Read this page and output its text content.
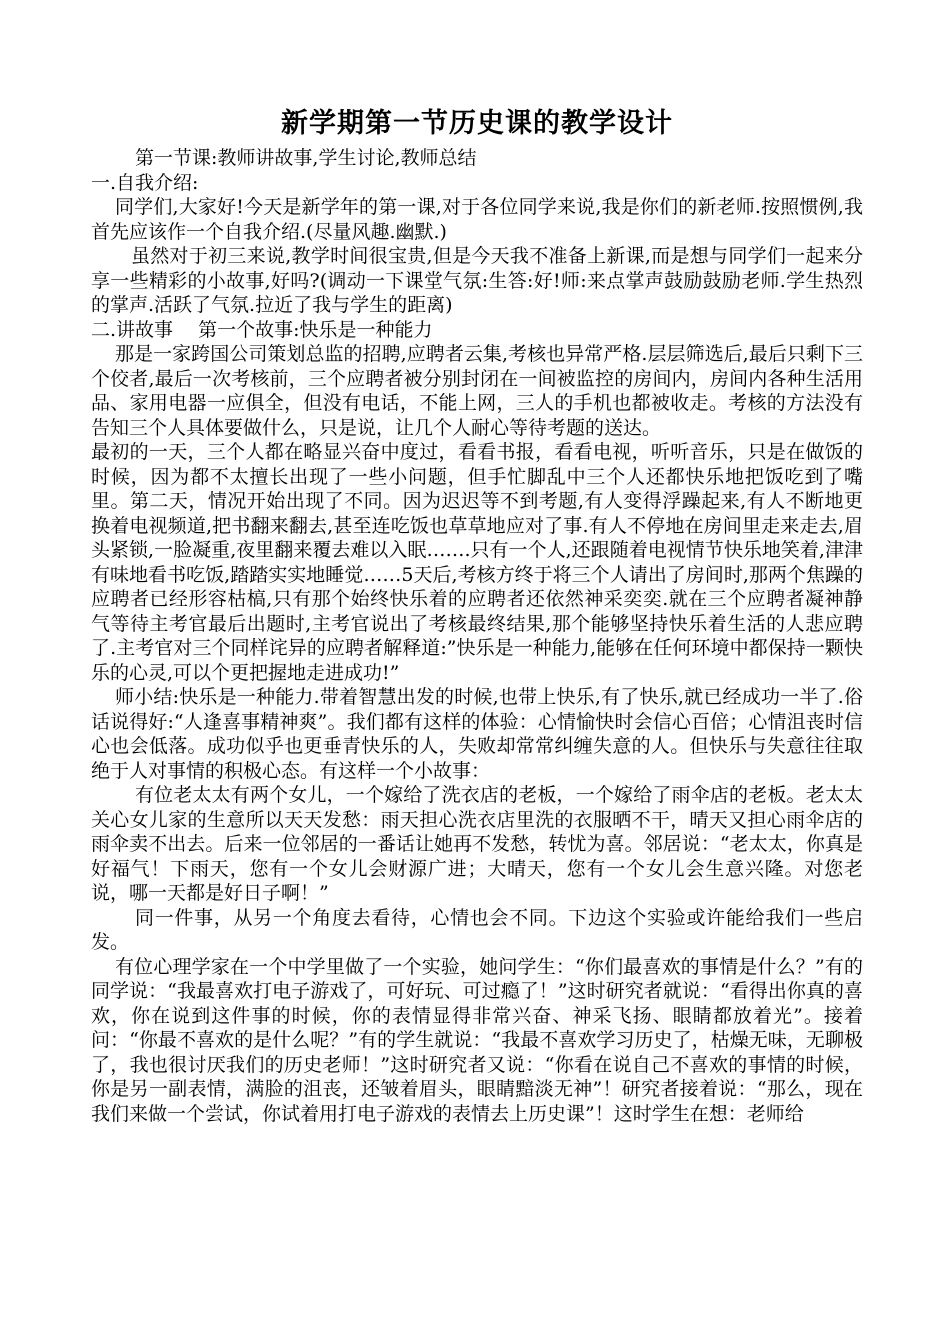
新学期第一节历史课的教学设计

第一节课:教师讲故事,学生讨论,教师总结

一.自我介绍:

同学们,大家好!今天是新学年的第一课,对于各位同学来说,我是你们的新老师.按照惯例,我首先应该作一个自我介绍.(尽量风趣.幽默.)

虽然对于初三来说,教学时间很宝贵,但是今天我不准备上新课,而是想与同学们一起来分享一些精彩的小故事,好吗?(调动一下课堂气氛:生答:好!师:来点掌声鼓励鼓励老师.学生热烈的掌声.活跃了气氛.拉近了我与学生的距离)

二.讲故事　 第一个故事:快乐是一种能力

那是一家跨国公司策划总监的招聘,应聘者云集,考核也异常严格.层层筛选后,最后只剩下三个佼者,最后一次考核前，三个应聘者被分别封闭在一间被监控的房间内，房间内各种生活用品、家用电器一应俱全，但没有电话，不能上网，三人的手机也都被收走。考核的方法没有告知三个人具体要做什么，只是说，让几个人耐心等待考题的送达。

最初的一天，三个人都在略显兴奋中度过，看看书报，看看电视，听听音乐，只是在做饭的时候，因为都不太擅长出现了一些小问题，但手忙脚乱中三个人还都快乐地把饭吃到了嘴里。第二天，情况开始出现了不同。因为迟迟等不到考题,有人变得浮躁起来,有人不断地更换着电视频道,把书翻来翻去,甚至连吃饭也草草地应对了事.有人不停地在房间里走来走去,眉头紧锁,一脸凝重,夜里翻来覆去难以入眠…….只有一个人,还跟随着电视情节快乐地笑着,津津有味地看书吃饭,踏踏实实地睡觉……5天后,考核方终于将三个人请出了房间时,那两个焦躁的应聘者已经形容枯槁,只有那个始终快乐着的应聘者还依然神采奕奕.就在三个应聘者凝神静气等待主考官最后出题时,主考官说出了考核最终结果,那个能够坚持快乐着生活的人悲应聘了.主考官对三个同样诧异的应聘者解释道:”快乐是一种能力,能够在任何环境中都保持一颗快乐的心灵,可以个更把握地走进成功!”

师小结:快乐是一种能力.带着智慧出发的时候,也带上快乐,有了快乐,就已经成功一半了.俗话说得好:“人逢喜事精神爽”。我们都有这样的体验：心情愉快时会信心百倍；心情沮丧时信心也会低落。成功似乎也更垂青快乐的人，失败却常常纠缠失意的人。但快乐与失意往往取绝于人对事情的积极心态。有这样一个小故事：

有位老太太有两个女儿，一个嫁给了洗衣店的老板，一个嫁给了雨伞店的老板。老太太关心女儿家的生意所以天天发愁：雨天担心洗衣店里洗的衣服晒不干，晴天又担心雨伞店的雨伞卖不出去。后来一位邻居的一番话让她再不发愁，转忧为喜。邻居说：“老太太，你真是好福气！下雨天，您有一个女儿会财源广进；大晴天，您有一个女儿会生意兴隆。对您老说，哪一天都是好日子啊！”

同一件事，从另一个角度去看待，心情也会不同。下边这个实验或许能给我们一些启发。

有位心理学家在一个中学里做了一个实验，她问学生：“你们最喜欢的事情是什么？”有的同学说：“我最喜欢打电子游戏了，可好玩、可过瘾了！”这时研究者就说：“看得出你真的喜欢，你在说到这件事的时候，你的表情显得非常兴奋、神采飞扬、眼睛都放着光”。接着问：“你最不喜欢的是什么呢？”有的学生就说：“我最不喜欢学习历史了，枯燥无味，无聊极了，我也很讨厌我们的历史老师！”这时研究者又说：“你看在说自己不喜欢的事情的时候，你是另一副表情，满脸的沮丧，还皱着眉头，眼睛黯淡无神”！研究者接着说：“那么，现在我们来做一个尝试，你试着用打电子游戏的表情去上历史课”！这时学生在想：老师给
